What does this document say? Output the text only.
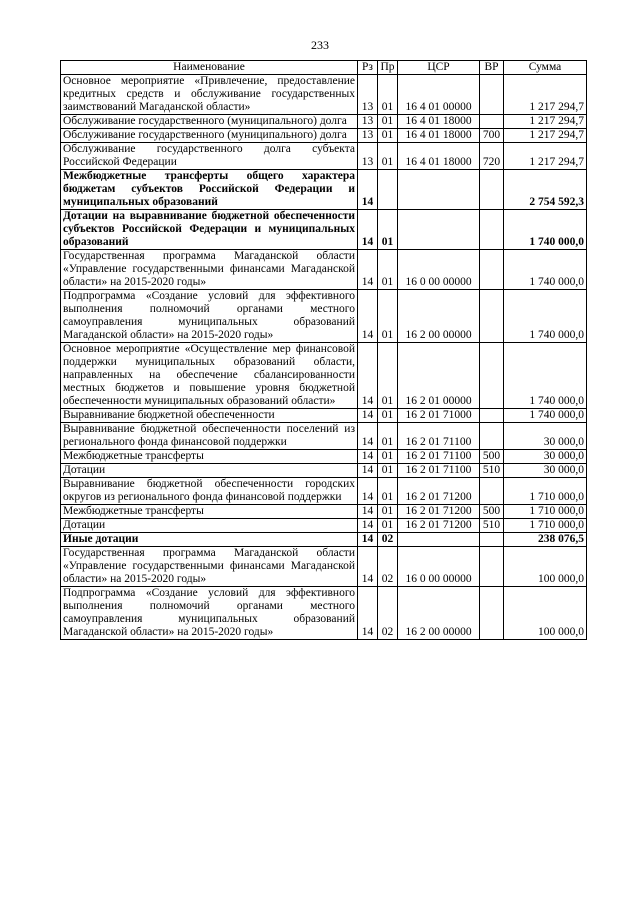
233
Наименование	Рз	Пр	ЦСР	ВР	Сумма
Основное мероприятие «Привлечение, предоставление кредитных средств и обслуживание государственных заимствований Магаданской области»	13	01	16 4 01 00000		1 217 294,7
Обслуживание государственного (муниципального) долга	13	01	16 4 01 18000		1 217 294,7
Обслуживание государственного (муниципального) долга	13	01	16 4 01 18000	700	1 217 294,7
Обслуживание государственного долга субъекта Российской Федерации	13	01	16 4 01 18000	720	1 217 294,7
Межбюджетные трансферты общего характера бюджетам субъектов Российской Федерации и муниципальных образований	14				2 754 592,3
Дотации на выравнивание бюджетной обеспеченности субъектов Российской Федерации и муниципальных образований	14	01			1 740 000,0
Государственная программа Магаданской области «Управление государственными финансами Магаданской области» на 2015-2020 годы»	14	01	16 0 00 00000		1 740 000,0
Подпрограмма «Создание условий для эффективного выполнения полномочий органами местного самоуправления муниципальных образований Магаданской области» на 2015-2020 годы»	14	01	16 2 00 00000		1 740 000,0
Основное мероприятие «Осуществление мер финансовой поддержки муниципальных образований области, направленных на обеспечение сбалансированности местных бюджетов и повышение уровня бюджетной обеспеченности муниципальных образований области»	14	01	16 2 01 00000		1 740 000,0
Выравнивание бюджетной обеспеченности	14	01	16 2 01 71000		1 740 000,0
Выравнивание бюджетной обеспеченности поселений из регионального фонда финансовой поддержки	14	01	16 2 01 71100		30 000,0
Межбюджетные трансферты	14	01	16 2 01 71100	500	30 000,0
Дотации	14	01	16 2 01 71100	510	30 000,0
Выравнивание бюджетной обеспеченности городских округов из регионального фонда финансовой поддержки	14	01	16 2 01 71200		1 710 000,0
Межбюджетные трансферты	14	01	16 2 01 71200	500	1 710 000,0
Дотации	14	01	16 2 01 71200	510	1 710 000,0
Иные дотации	14	02			238 076,5
Государственная программа Магаданской области «Управление государственными финансами Магаданской области» на 2015-2020 годы»	14	02	16 0 00 00000		100 000,0
Подпрограмма «Создание условий для эффективного выполнения полномочий органами местного самоуправления муниципальных образований Магаданской области» на 2015-2020 годы»	14	02	16 2 00 00000		100 000,0
